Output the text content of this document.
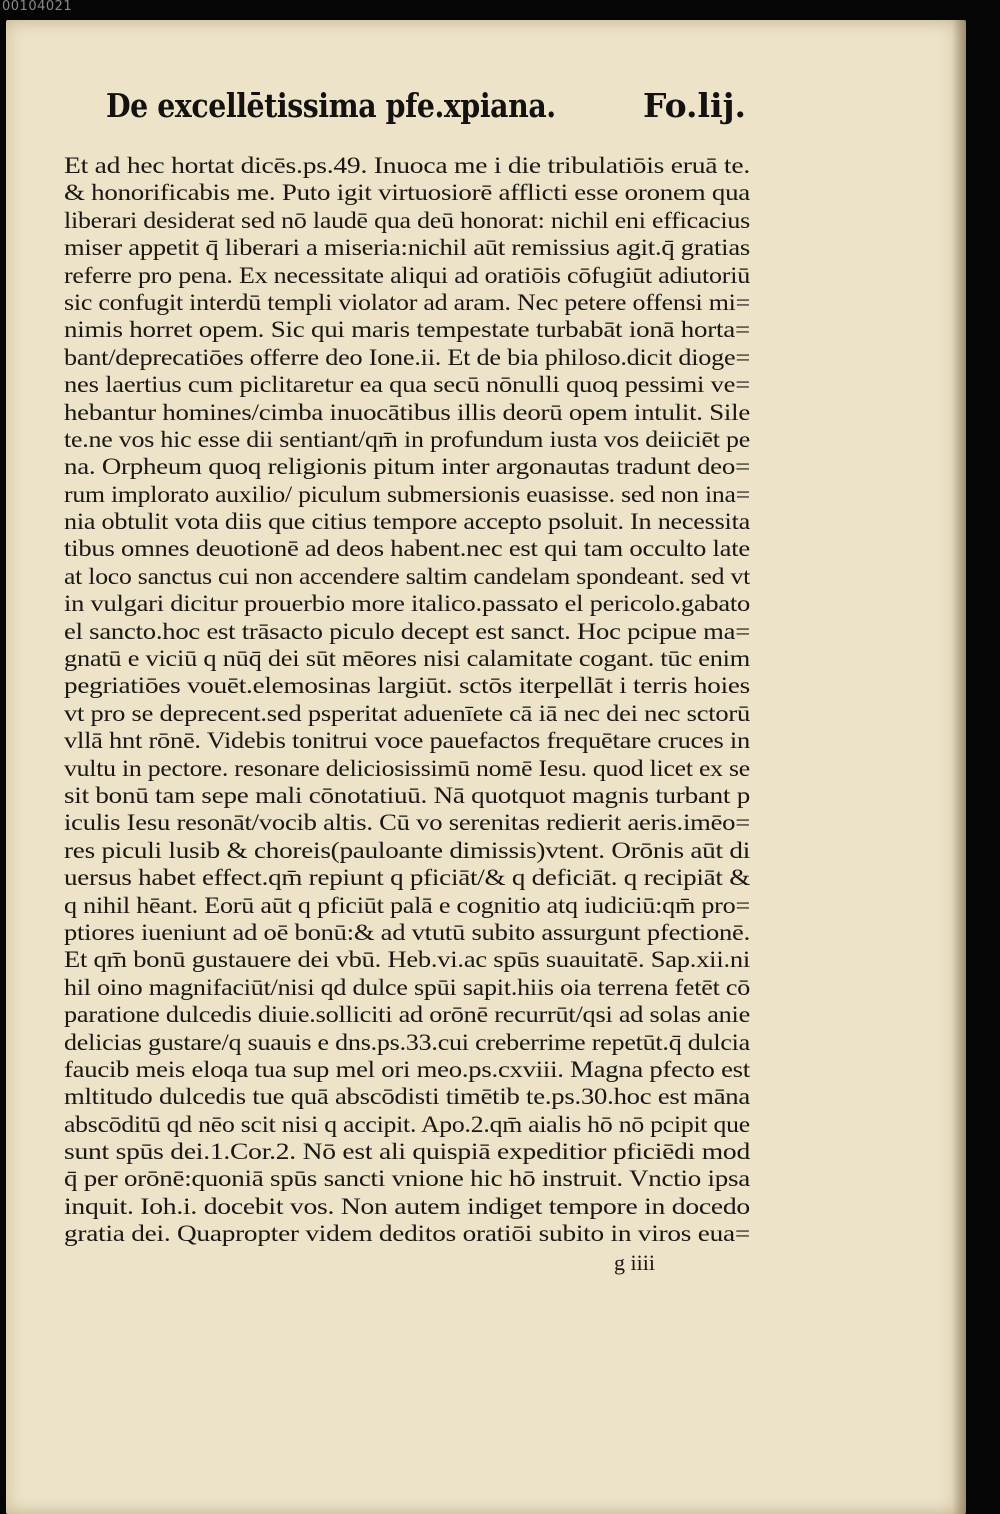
00104021
De excellētissima pfe.xpiana.	Fo.lij.
Et ad hec hortat dicēs.ps.49. Inuoca me i die tribulatiōis eruā te.
& honorificabis me. Puto igit virtuosiorē afflicti esse oronem qua
liberari desiderat sed nō laudē qua deū honorat: nichil eni efficacius
miser appetit q̄ liberari a miseria:nichil aūt remissius agit.q̄ gratias
referre pro pena. Ex necessitate aliqui ad oratiōis cōfugiūt adiutoriū
sic confugit interdū templi violator ad aram. Nec petere offensi mi=
nimis horret opem. Sic qui maris tempestate turbabāt ionā horta=
bant/deprecatiōes offerre deo Ione.ii. Et de bia philoso.dicit dioge=
nes laertius cum piclitaretur ea qua secū nōnulli quoq pessimi ve=
hebantur homines/cimba inuocātibus illis deorū opem intulit. Sile
te.ne vos hic esse dii sentiant/qm̄ in profundum iusta vos deiiciēt pe
na. Orpheum quoq religionis pitum inter argonautas tradunt deo=
rum implorato auxilio/ piculum submersionis euasisse. sed non ina=
nia obtulit vota diis que citius tempore accepto psoluit. In necessita
tibus omnes deuotionē ad deos habent.nec est qui tam occulto late
at loco sanctus cui non accendere saltim candelam spondeant. sed vt
in vulgari dicitur prouerbio more italico.passato el pericolo.gabato
el sancto.hoc est trāsacto piculo decept est sanct. Hoc pcipue ma=
gnatū e viciū q nūq̄ dei sūt mēores nisi calamitate cogant. tūc enim
pegriatiōes vouēt.elemosinas largiūt. sctōs iterpellāt i terris hoies
vt pro se deprecent.sed psperitat aduenīete cā iā nec dei nec sctorū
vllā hnt rōnē. Videbis tonitrui voce pauefactos frequētare cruces in
vultu in pectore. resonare deliciosissimū nomē Iesu. quod licet ex se
sit bonū tam sepe mali cōnotatiuū. Nā quotquot magnis turbant p
iculis Iesu resonāt/vocib altis. Cū vo serenitas redierit aeris.imēo=
res piculi lusib & choreis(pauloante dimissis)vtent. Orōnis aūt di
uersus habet effect.qm̄ repiunt q pficiāt/& q deficiāt. q recipiāt &
q nihil hēant. Eorū aūt q pficiūt palā e cognitio atq iudiciū:qm̄ pro=
ptiores iueniunt ad oē bonū:& ad vtutū subito assurgunt pfectionē.
Et qm̄ bonū gustauere dei vbū. Heb.vi.ac spūs suauitatē. Sap.xii.ni
hil oino magnifaciūt/nisi qd dulce spūi sapit.hiis oia terrena fetēt cō
paratione dulcedis diuie.solliciti ad orōnē recurrūt/qsi ad solas anie
delicias gustare/q suauis e dns.ps.33.cui creberrime repetūt.q̄ dulcia
faucib meis eloqa tua sup mel ori meo.ps.cxviii. Magna pfecto est
mltitudo dulcedis tue quā abscōdisti timētib te.ps.30.hoc est māna
abscōditū qd nēo scit nisi q accipit. Apo.2.qm̄ aialis hō nō pcipit que
sunt spūs dei.1.Cor.2. Nō est ali quispiā expeditior pficiēdi mod
q̄ per orōnē:quoniā spūs sancti vnione hic hō instruit. Vnctio ipsa
inquit. Ioh.i. docebit vos. Non autem indiget tempore in docedo
gratia dei. Quapropter videm deditos oratiōi subito in viros eua=
g iiii
